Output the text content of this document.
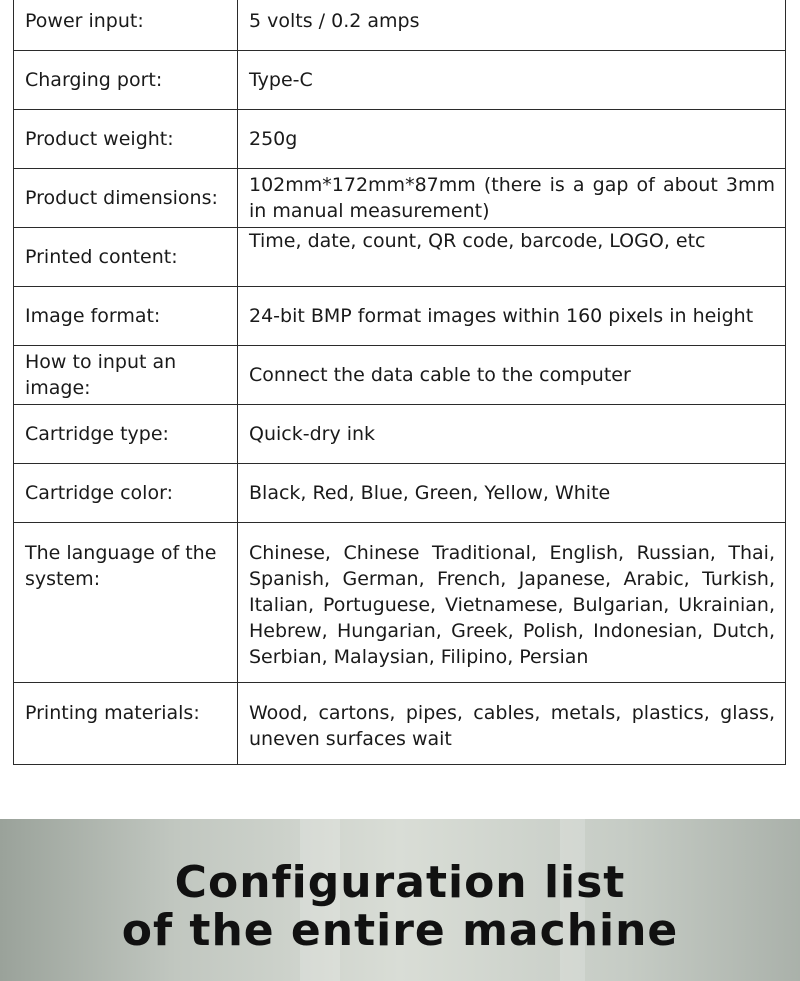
Power input:	5 volts / 0.2 amps
Charging port:	Type-C
Product weight:	250g
Product dimensions:	102mm*172mm*87mm (there is a gap of about 3mm in manual measurement)
Printed content:	Time, date, count, QR code, barcode, LOGO, etc
Image format:	24-bit BMP format images within 160 pixels in height
How to input an image:	Connect the data cable to the computer
Cartridge type:	Quick-dry ink
Cartridge color:	Black, Red, Blue, Green, Yellow, White
The language of the system:	Chinese, Chinese Traditional, English, Russian, Thai, Spanish, German, French, Japanese, Arabic, Turkish, Italian, Portuguese, Vietnamese, Bulgarian, Ukrainian, Hebrew, Hungarian, Greek, Polish, Indonesian, Dutch, Serbian, Malaysian, Filipino, Persian
Printing materials:	Wood, cartons, pipes, cables, metals, plastics, glass, uneven surfaces wait
Configuration list
of the entire machine
